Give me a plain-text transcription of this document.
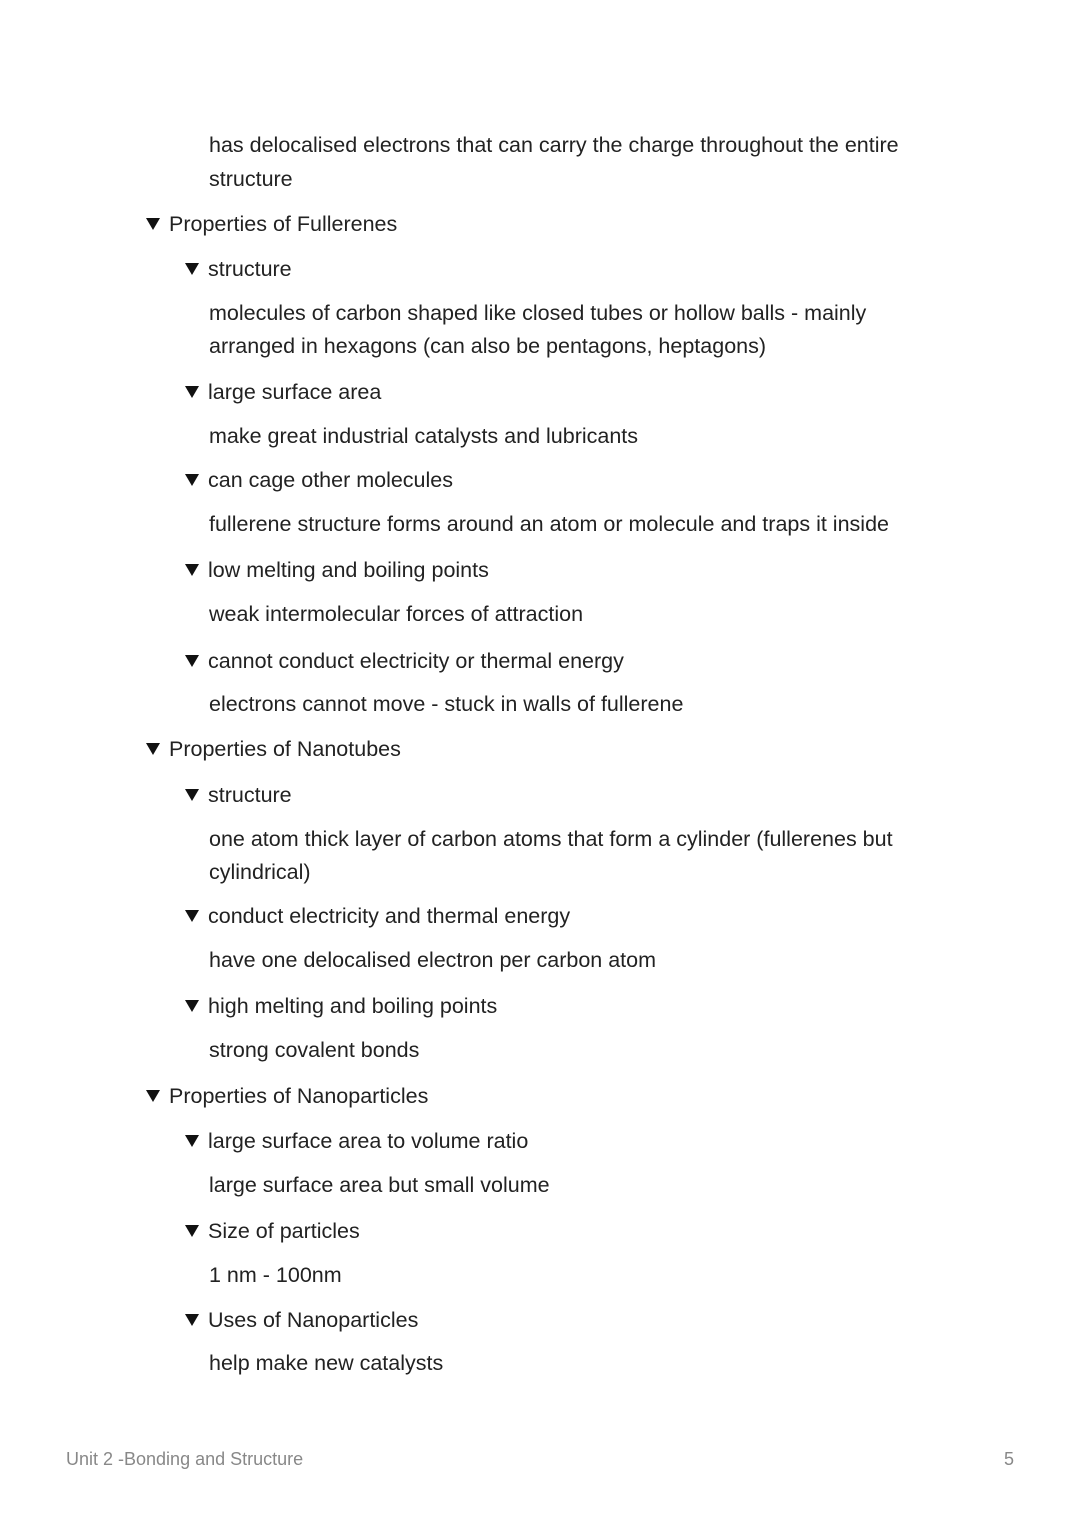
has delocalised electrons that can carry the charge throughout the entire
structure
Properties of Fullerenes
structure
molecules of carbon shaped like closed tubes or hollow balls - mainly
arranged in hexagons (can also be pentagons, heptagons)
large surface area
make great industrial catalysts and lubricants
can cage other molecules
fullerene structure forms around an atom or molecule and traps it inside
low melting and boiling points
weak intermolecular forces of attraction
cannot conduct electricity or thermal energy
electrons cannot move - stuck in walls of fullerene
Properties of Nanotubes
structure
one atom thick layer of carbon atoms that form a cylinder (fullerenes but
cylindrical)
conduct electricity and thermal energy
have one delocalised electron per carbon atom
high melting and boiling points
strong covalent bonds
Properties of Nanoparticles
large surface area to volume ratio
large surface area but small volume
Size of particles
1 nm - 100nm
Uses of Nanoparticles
help make new catalysts
Unit 2 -Bonding and Structure	5
